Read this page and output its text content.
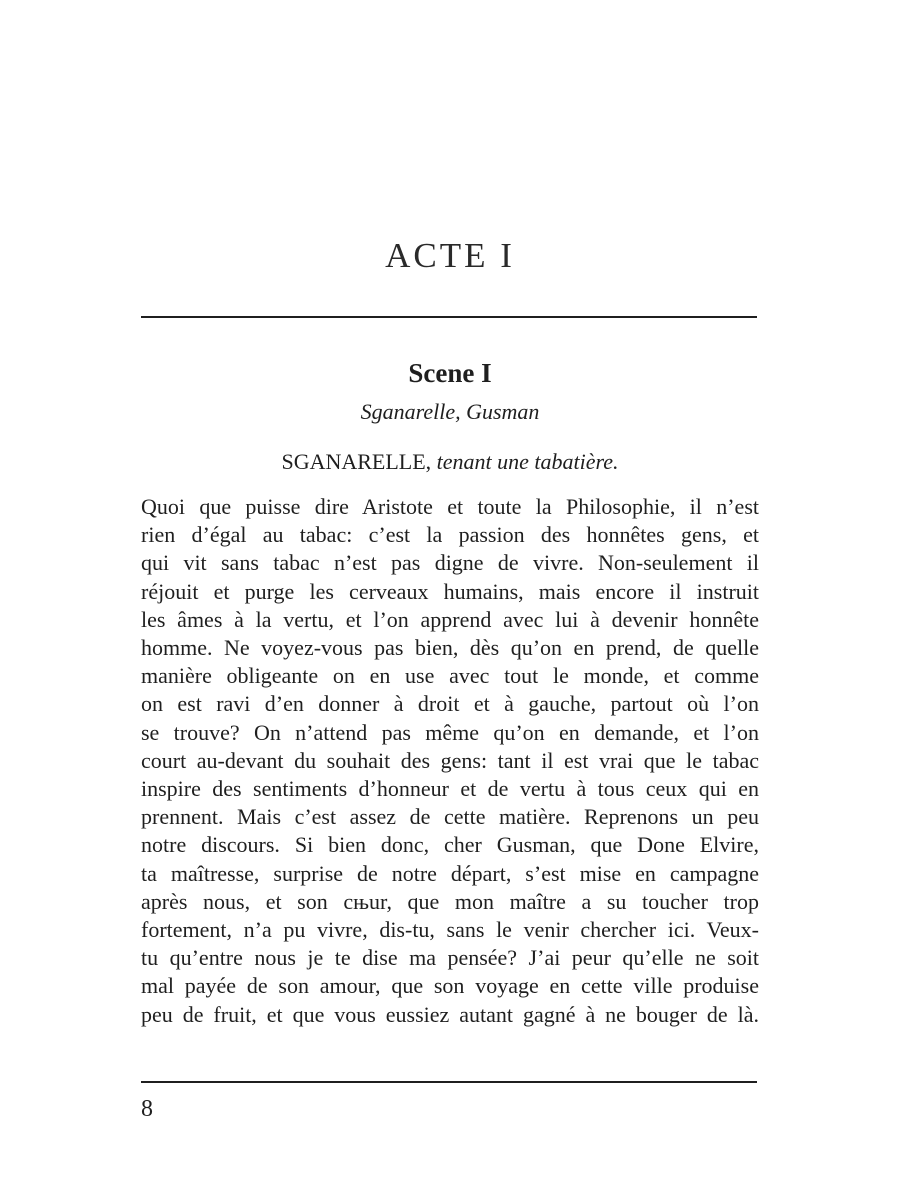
ACTE I
Scene I
Sganarelle, Gusman
SGANARELLE, tenant une tabatière.

Quoi que puisse dire Aristote et toute la Philosophie, il n’est
rien d’égal au tabac: c’est la passion des honnêtes gens, et
qui vit sans tabac n’est pas digne de vivre. Non-seulement il
réjouit et purge les cerveaux humains, mais encore il instruit
les âmes à la vertu, et l’on apprend avec lui à devenir honnête
homme. Ne voyez-vous pas bien, dès qu’on en prend, de quelle
manière obligeante on en use avec tout le monde, et comme
on est ravi d’en donner à droit et à gauche, partout où l’on
se trouve? On n’attend pas même qu’on en demande, et l’on
court au-devant du souhait des gens: tant il est vrai que le tabac
inspire des sentiments d’honneur et de vertu à tous ceux qui en
prennent. Mais c’est assez de cette matière. Reprenons un peu
notre discours. Si bien donc, cher Gusman, que Done Elvire,
ta maîtresse, surprise de notre départ, s’est mise en campagne
après nous, et son cњur, que mon maître a su toucher trop
fortement, n’a pu vivre, dis-tu, sans le venir chercher ici. Veux-
tu qu’entre nous je te dise ma pensée? J’ai peur qu’elle ne soit
mal payée de son amour, que son voyage en cette ville produise
peu de fruit, et que vous eussiez autant gagné à ne bouger de là.

8
